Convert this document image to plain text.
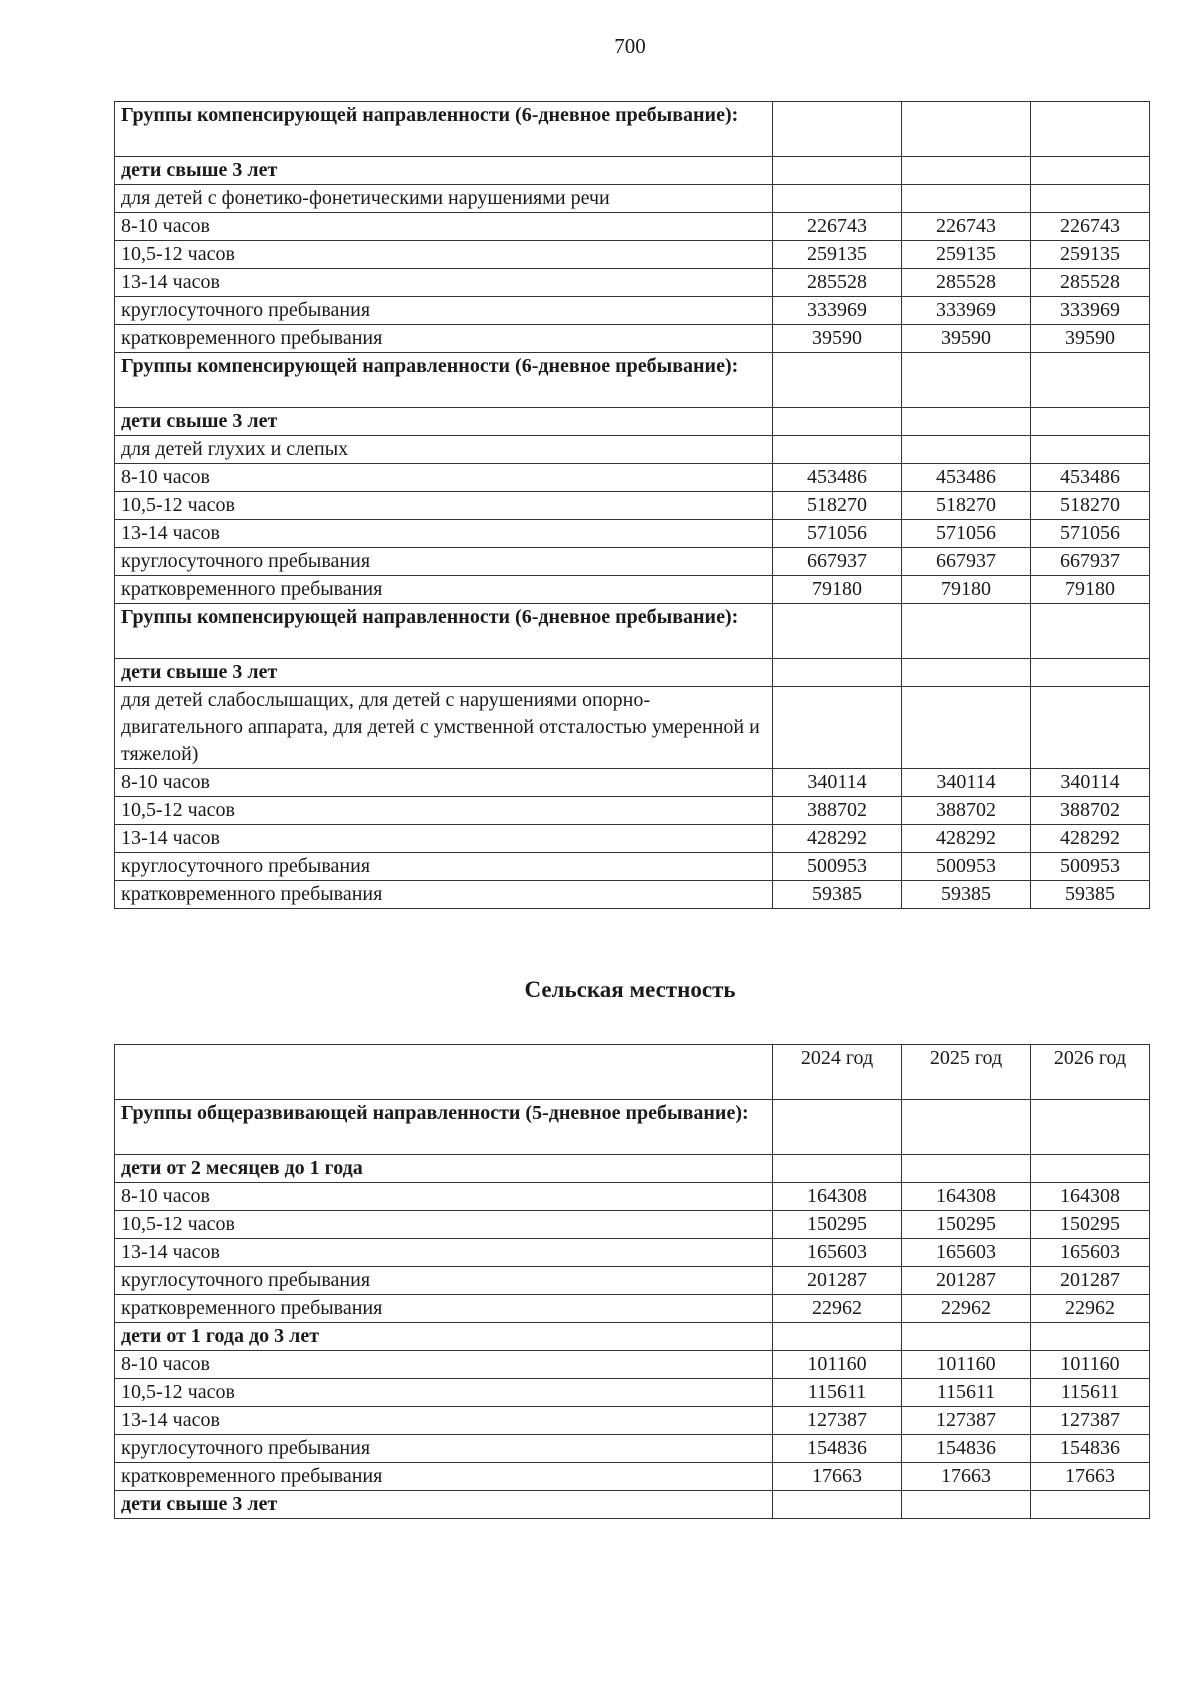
700
Группы компенсирующей направленности (6-дневное пребывание):			
дети свыше 3 лет			
для детей с фонетико-фонетическими нарушениями речи			
8-10 часов	226743	226743	226743
10,5-12 часов	259135	259135	259135
13-14 часов	285528	285528	285528
круглосуточного пребывания	333969	333969	333969
кратковременного пребывания	39590	39590	39590
Группы компенсирующей направленности (6-дневное пребывание):			
дети свыше 3 лет			
для детей глухих и слепых			
8-10 часов	453486	453486	453486
10,5-12 часов	518270	518270	518270
13-14 часов	571056	571056	571056
круглосуточного пребывания	667937	667937	667937
кратковременного пребывания	79180	79180	79180
Группы компенсирующей направленности (6-дневное пребывание):			
дети свыше 3 лет			
для детей слабослышащих, для детей с нарушениями опорно-двигательного аппарата, для детей с умственной отсталостью умеренной и тяжелой)			
8-10 часов	340114	340114	340114
10,5-12 часов	388702	388702	388702
13-14 часов	428292	428292	428292
круглосуточного пребывания	500953	500953	500953
кратковременного пребывания	59385	59385	59385
Сельская местность
	2024 год	2025 год	2026 год
Группы общеразвивающей направленности (5-дневное пребывание):			
дети от 2 месяцев до 1 года			
8-10 часов	164308	164308	164308
10,5-12 часов	150295	150295	150295
13-14 часов	165603	165603	165603
круглосуточного пребывания	201287	201287	201287
кратковременного пребывания	22962	22962	22962
дети от 1 года до 3 лет			
8-10 часов	101160	101160	101160
10,5-12 часов	115611	115611	115611
13-14 часов	127387	127387	127387
круглосуточного пребывания	154836	154836	154836
кратковременного пребывания	17663	17663	17663
дети свыше 3 лет			
